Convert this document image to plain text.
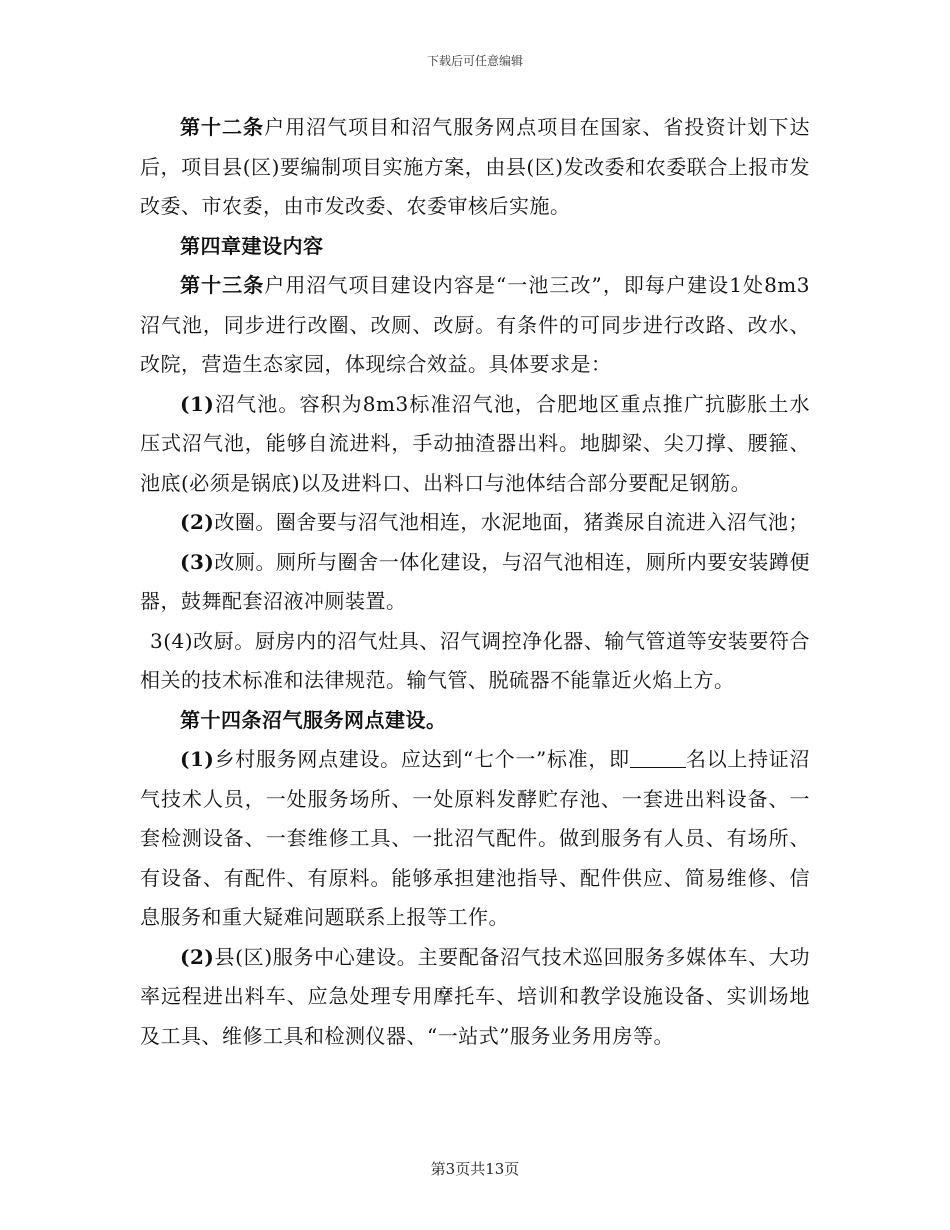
下载后可任意编辑

第十二条户用沼气项目和沼气服务网点项目在国家、省投资计划下达后，项目县(区)要编制项目实施方案，由县(区)发改委和农委联合上报市发改委、市农委，由市发改委、农委审核后实施。

第四章建设内容

第十三条户用沼气项目建设内容是“一池三改”，即每户建设1处8m3沼气池，同步进行改圈、改厕、改厨。有条件的可同步进行改路、改水、改院，营造生态家园，体现综合效益。具体要求是：

(1)沼气池。容积为8m3标准沼气池，合肥地区重点推广抗膨胀土水压式沼气池，能够自流进料，手动抽渣器出料。地脚梁、尖刀撑、腰箍、池底(必须是锅底)以及进料口、出料口与池体结合部分要配足钢筋。

(2)改圈。圈舍要与沼气池相连，水泥地面，猪粪尿自流进入沼气池；

(3)改厕。厕所与圈舍一体化建设，与沼气池相连，厕所内要安装蹲便器，鼓舞配套沼液冲厕装置。

3(4)改厨。厨房内的沼气灶具、沼气调控净化器、输气管道等安装要符合相关的技术标准和法律规范。输气管、脱硫器不能靠近火焰上方。

第十四条沼气服务网点建设。

(1)乡村服务网点建设。应达到“七个一”标准，即	名以上持证沼气技术人员，一处服务场所、一处原料发酵贮存池、一套进出料设备、一套检测设备、一套维修工具、一批沼气配件。做到服务有人员、有场所、有设备、有配件、有原料。能够承担建池指导、配件供应、简易维修、信息服务和重大疑难问题联系上报等工作。

(2)县(区)服务中心建设。主要配备沼气技术巡回服务多媒体车、大功率远程进出料车、应急处理专用摩托车、培训和教学设施设备、实训场地及工具、维修工具和检测仪器、“一站式”服务业务用房等。

第3页共13页
